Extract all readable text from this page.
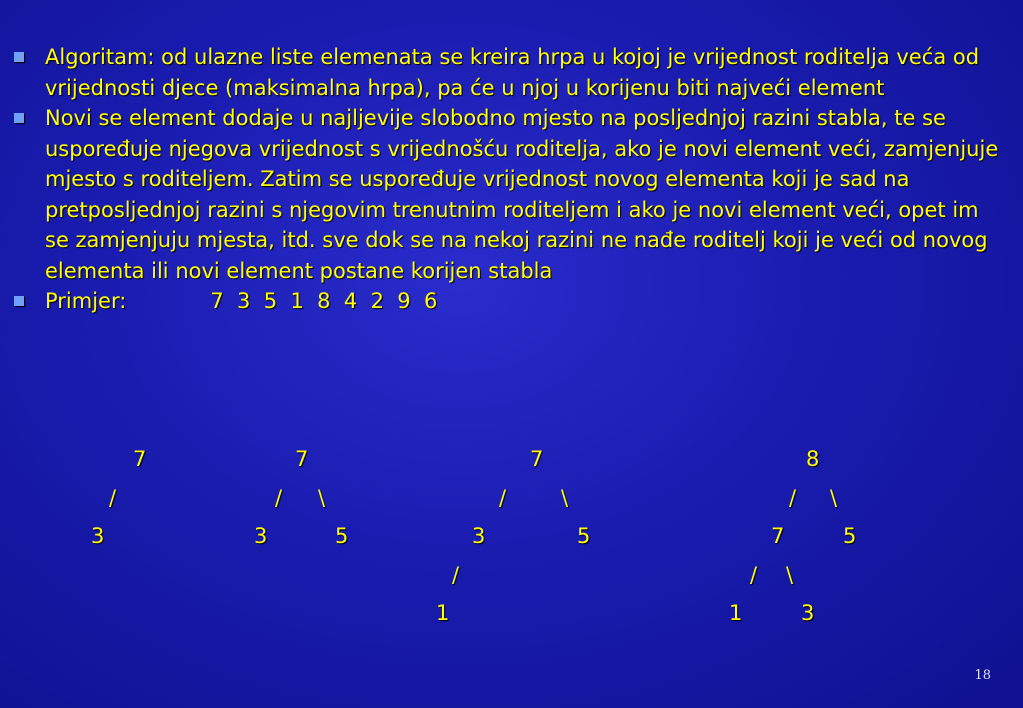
Algoritam: od ulazne liste elemenata se kreira hrpa u kojoj je vrijednost roditelja veća od vrijednosti djece (maksimalna hrpa), pa će u njoj u korijenu biti najveći element
Novi se element dodaje u najljevije slobodno mjesto na posljednjoj razini stabla, te se uspoređuje njegova vrijednost s vrijednošću roditelja, ako je novi element veći, zamjenjuje mjesto s roditeljem. Zatim se uspoređuje vrijednost novog elementa koji je sad na pretposljednjoj razini s njegovim trenutnim roditeljem i ako je novi element veći, opet im se zamjenjuju mjesta, itd. sve dok se na nekoj razini ne nađe roditelj koji je veći od novog elementa ili novi element postane korijen stabla
Primjer:	7  3  5  1  8  4  2  9  6
7
/
3
7
/ \
3	5
7
/	\
3	5
/
1
8
/ \
7	5
/ \
1	3
18
